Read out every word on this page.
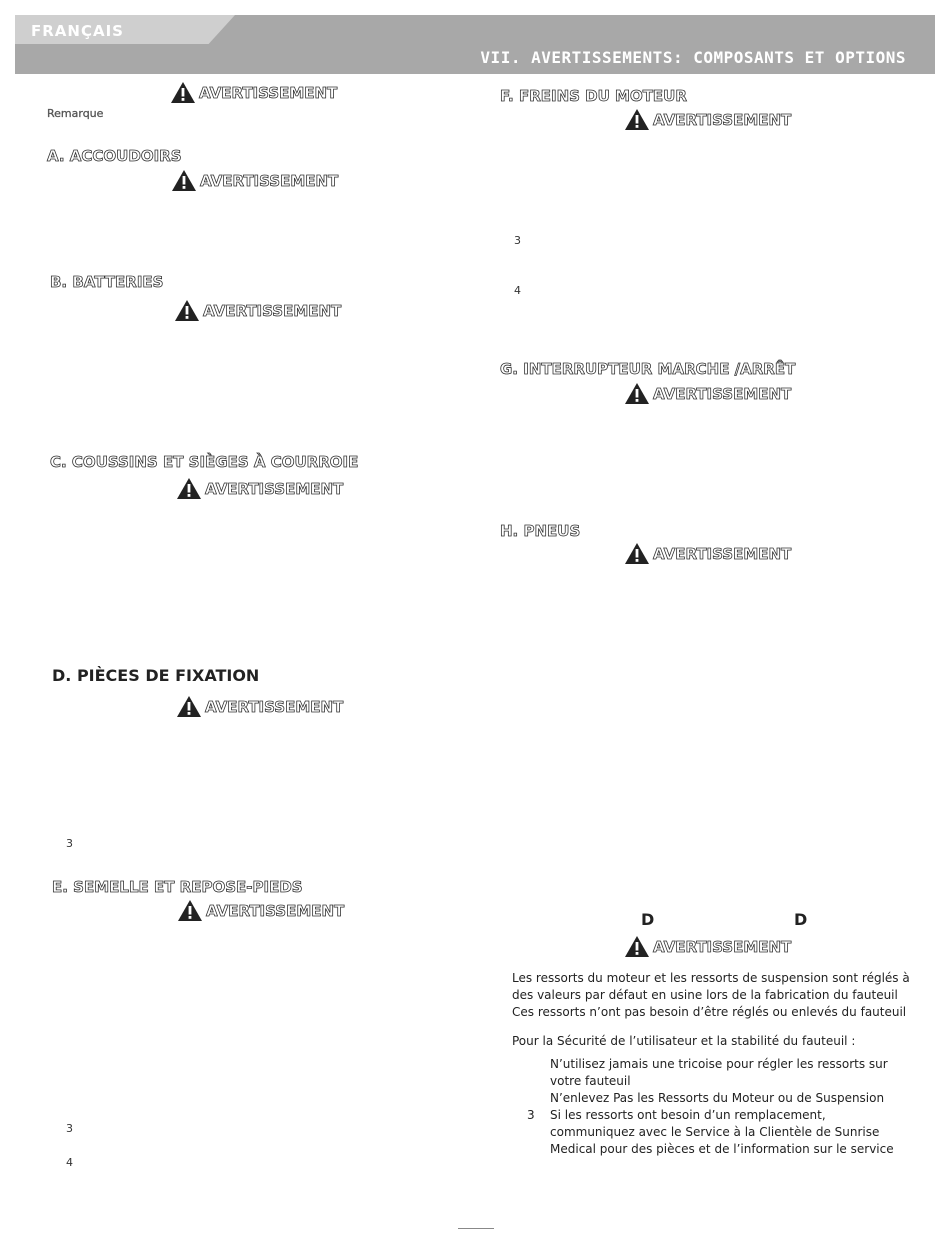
FRANÇAIS
VII. AVERTISSEMENTS: COMPOSANTS ET OPTIONS
AVERTISSEMENT
Remarque
A. ACCOUDOIRS
AVERTISSEMENT
B. BATTERIES
AVERTISSEMENT
C. COUSSINS ET SIÈGES À COURROIE
AVERTISSEMENT
D. PIÈCES DE FIXATION
AVERTISSEMENT
3
E. SEMELLE ET REPOSE-PIEDS
AVERTISSEMENT
3
4
F. FREINS DU MOTEUR
AVERTISSEMENT
3
4
G. INTERRUPTEUR MARCHE /ARRÊT
AVERTISSEMENT
H. PNEUS
AVERTISSEMENT
D	D
AVERTISSEMENT
Les ressorts du moteur et les ressorts de suspension sont réglés à
des valeurs par défaut en usine lors de la fabrication du fauteuil
Ces ressorts n’ont pas besoin d’être réglés ou enlevés du fauteuil
Pour la Sécurité de l’utilisateur et la stabilité du fauteuil :
N’utilisez jamais une tricoise pour régler les ressorts sur
votre fauteuil
N’enlevez Pas les Ressorts du Moteur ou de Suspension
Si les ressorts ont besoin d’un remplacement,
communiquez avec le Service à la Clientèle de Sunrise
Medical pour des pièces et de l’information sur le service
3
